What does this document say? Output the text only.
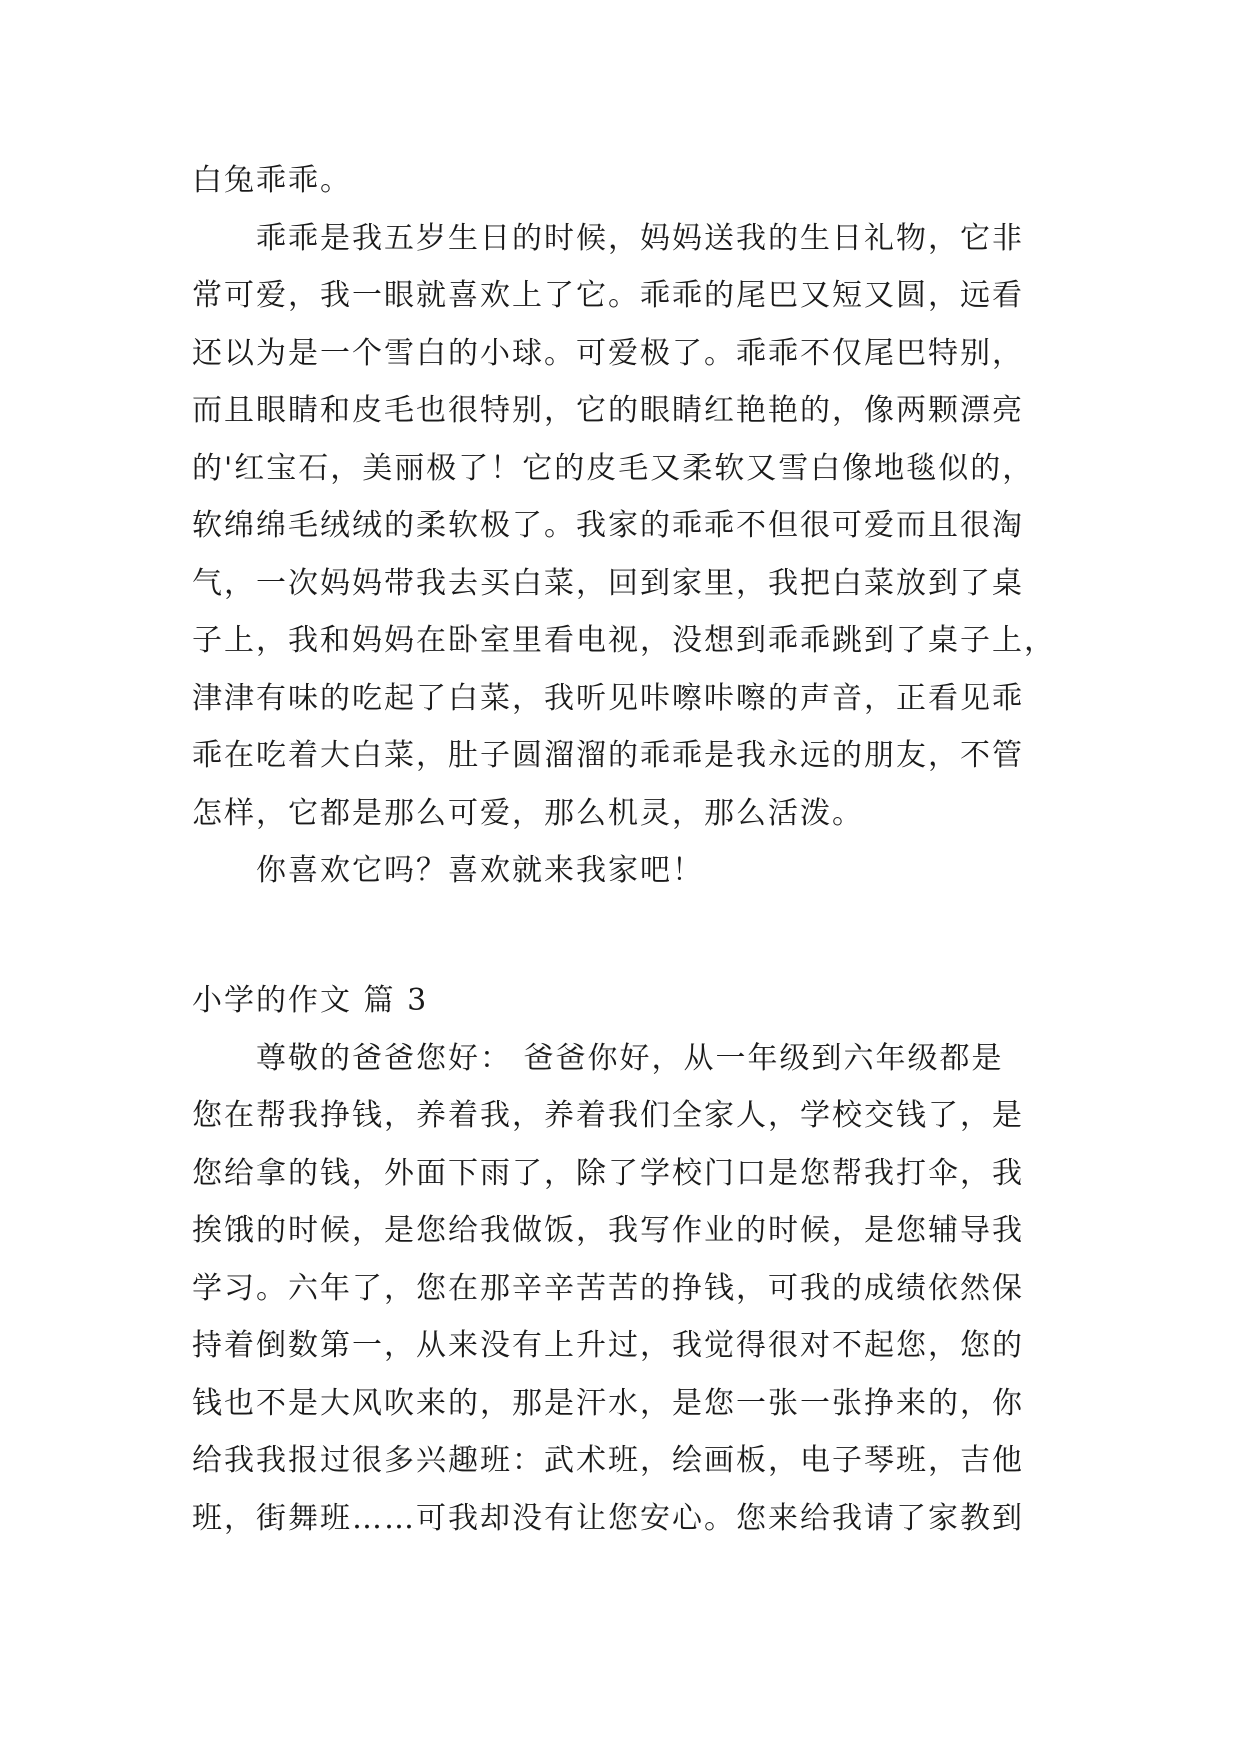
白兔乖乖。
乖乖是我五岁生日的时候，妈妈送我的生日礼物，它非
常可爱，我一眼就喜欢上了它。乖乖的尾巴又短又圆，远看
还以为是一个雪白的小球。可爱极了。乖乖不仅尾巴特别，
而且眼睛和皮毛也很特别，它的眼睛红艳艳的，像两颗漂亮
的'红宝石，美丽极了！它的皮毛又柔软又雪白像地毯似的，
软绵绵毛绒绒的柔软极了。我家的乖乖不但很可爱而且很淘
气，一次妈妈带我去买白菜，回到家里，我把白菜放到了桌
子上，我和妈妈在卧室里看电视，没想到乖乖跳到了桌子上，
津津有味的吃起了白菜，我听见咔嚓咔嚓的声音，正看见乖
乖在吃着大白菜，肚子圆溜溜的乖乖是我永远的朋友，不管
怎样，它都是那么可爱，那么机灵，那么活泼。
你喜欢它吗？喜欢就来我家吧！
小学的作文 篇 3
尊敬的爸爸您好： 爸爸你好，从一年级到六年级都是
您在帮我挣钱，养着我，养着我们全家人，学校交钱了，是
您给拿的钱，外面下雨了，除了学校门口是您帮我打伞，我
挨饿的时候，是您给我做饭，我写作业的时候，是您辅导我
学习。六年了，您在那辛辛苦苦的挣钱，可我的成绩依然保
持着倒数第一，从来没有上升过，我觉得很对不起您，您的
钱也不是大风吹来的，那是汗水，是您一张一张挣来的，你
给我我报过很多兴趣班：武术班，绘画板，电子琴班，吉他
班，街舞班……可我却没有让您安心。您来给我请了家教到
